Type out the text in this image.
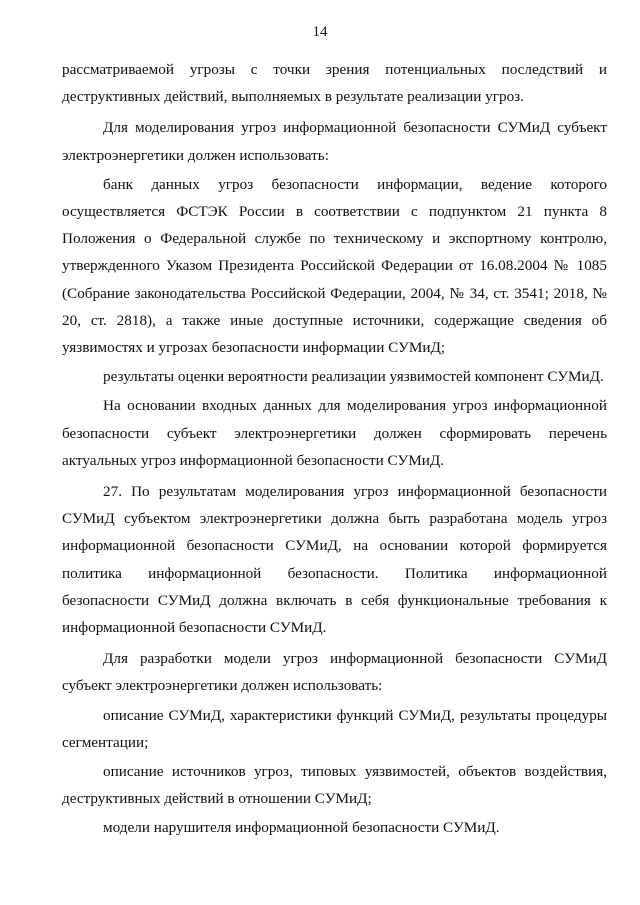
14

рассматриваемой угрозы с точки зрения потенциальных последствий и деструктивных действий, выполняемых в результате реализации угроз.

Для моделирования угроз информационной безопасности СУМиД субъект электроэнергетики должен использовать:

банк данных угроз безопасности информации, ведение которого осуществляется ФСТЭК России в соответствии с подпунктом 21 пункта 8 Положения о Федеральной службе по техническому и экспортному контролю, утвержденного Указом Президента Российской Федерации от 16.08.2004 № 1085 (Собрание законодательства Российской Федерации, 2004, № 34, ст. 3541; 2018, № 20, ст. 2818), а также иные доступные источники, содержащие сведения об уязвимостях и угрозах безопасности информации СУМиД;

результаты оценки вероятности реализации уязвимостей компонент СУМиД.

На основании входных данных для моделирования угроз информационной безопасности субъект электроэнергетики должен сформировать перечень актуальных угроз информационной безопасности СУМиД.

27. По результатам моделирования угроз информационной безопасности СУМиД субъектом электроэнергетики должна быть разработана модель угроз информационной безопасности СУМиД, на основании которой формируется политика информационной безопасности. Политика информационной безопасности СУМиД должна включать в себя функциональные требования к информационной безопасности СУМиД.

Для разработки модели угроз информационной безопасности СУМиД субъект электроэнергетики должен использовать:

описание СУМиД, характеристики функций СУМиД, результаты процедуры сегментации;

описание источников угроз, типовых уязвимостей, объектов воздействия, деструктивных действий в отношении СУМиД;

модели нарушителя информационной безопасности СУМиД.
